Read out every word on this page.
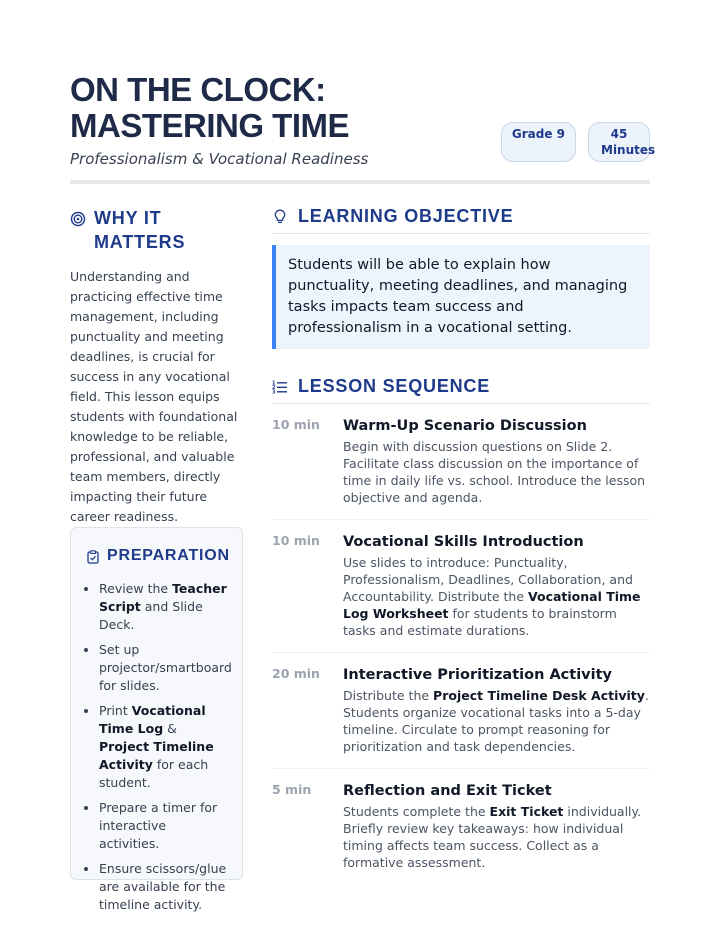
ON THE CLOCK:
MASTERING TIME
Professionalism & Vocational Readiness
Grade 9	45 Minutes
WHY IT MATTERS
Understanding and practicing effective time management, including punctuality and meeting deadlines, is crucial for success in any vocational field. This lesson equips students with foundational knowledge to be reliable, professional, and valuable team members, directly impacting their future career readiness.
PREPARATION
• Review the Teacher Script and Slide Deck.
• Set up projector/smartboard for slides.
• Print Vocational Time Log & Project Timeline Activity for each student.
• Prepare a timer for interactive activities.
• Ensure scissors/glue are available for the timeline activity.
LEARNING OBJECTIVE
Students will be able to explain how punctuality, meeting deadlines, and managing tasks impacts team success and professionalism in a vocational setting.
1
2
3 LESSON SEQUENCE
10 min	Warm-Up Scenario Discussion
Begin with discussion questions on Slide 2. Facilitate class discussion on the importance of time in daily life vs. school. Introduce the lesson objective and agenda.
10 min	Vocational Skills Introduction
Use slides to introduce: Punctuality, Professionalism, Deadlines, Collaboration, and Accountability. Distribute the Vocational Time Log Worksheet for students to brainstorm tasks and estimate durations.
20 min	Interactive Prioritization Activity
Distribute the Project Timeline Desk Activity. Students organize vocational tasks into a 5-day timeline. Circulate to prompt reasoning for prioritization and task dependencies.
5 min	Reflection and Exit Ticket
Students complete the Exit Ticket individually. Briefly review key takeaways: how individual timing affects team success. Collect as a formative assessment.
